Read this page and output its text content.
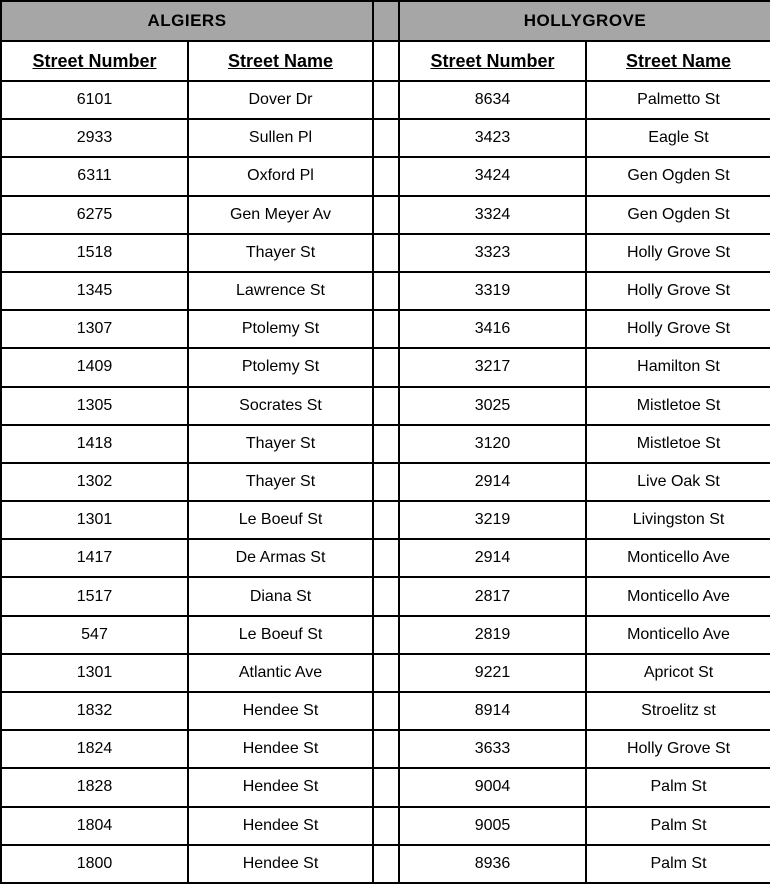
ALGIERS			HOLLYGROVE	
Street Number	Street Name		Street Number	Street Name
6101	Dover Dr		8634	Palmetto St
2933	Sullen Pl		3423	Eagle St
6311	Oxford Pl		3424	Gen Ogden St
6275	Gen Meyer Av		3324	Gen Ogden St
1518	Thayer St		3323	Holly Grove St
1345	Lawrence St		3319	Holly Grove St
1307	Ptolemy St		3416	Holly Grove St
1409	Ptolemy St		3217	Hamilton St
1305	Socrates St		3025	Mistletoe St
1418	Thayer St		3120	Mistletoe St
1302	Thayer St		2914	Live Oak St
1301	Le Boeuf St		3219	Livingston St
1417	De Armas St		2914	Monticello Ave
1517	Diana St		2817	Monticello Ave
547	Le Boeuf St		2819	Monticello Ave
1301	Atlantic Ave		9221	Apricot St
1832	Hendee St		8914	Stroelitz st
1824	Hendee St		3633	Holly Grove St
1828	Hendee St		9004	Palm St
1804	Hendee St		9005	Palm St
1800	Hendee St		8936	Palm St
